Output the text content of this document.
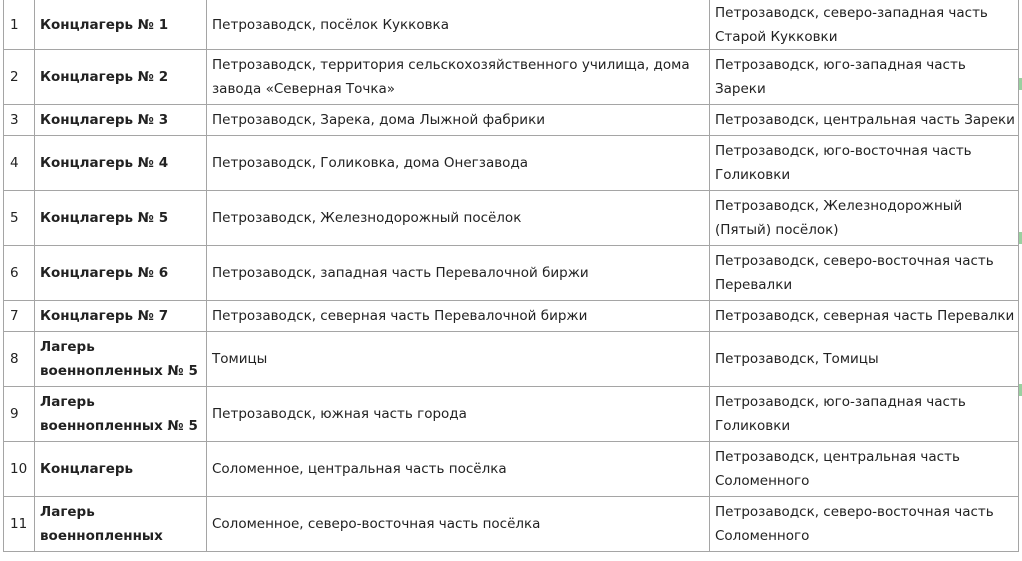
1	Концлагерь № 1	Петрозаводск, посёлок Кукковка	Петрозаводск, северо-западная часть Старой Кукковки
2	Концлагерь № 2	Петрозаводск, территория сельскохозяйственного училища, дома завода «Северная Точка»	Петрозаводск, юго-западная часть Зареки
3	Концлагерь № 3	Петрозаводск, Зарека, дома Лыжной фабрики	Петрозаводск, центральная часть Зареки
4	Концлагерь № 4	Петрозаводск, Голиковка, дома Онегзавода	Петрозаводск, юго-восточная часть Голиковки
5	Концлагерь № 5	Петрозаводск, Железнодорожный посёлок	Петрозаводск, Железнодорожный (Пятый) посёлок)
6	Концлагерь № 6	Петрозаводск, западная часть Перевалочной биржи	Петрозаводск, северо-восточная часть Перевалки
7	Концлагерь № 7	Петрозаводск, северная часть Перевалочной биржи	Петрозаводск, северная часть Перевалки
8	Лагерь военнопленных № 5	Томицы	Петрозаводск, Томицы
9	Лагерь военнопленных № 5	Петрозаводск, южная часть города	Петрозаводск, юго-западная часть Голиковки
10	Концлагерь	Соломенное, центральная часть посёлка	Петрозаводск, центральная часть Соломенного
11	Лагерь военнопленных	Соломенное, северо-восточная часть посёлка	Петрозаводск, северо-восточная часть Соломенного
